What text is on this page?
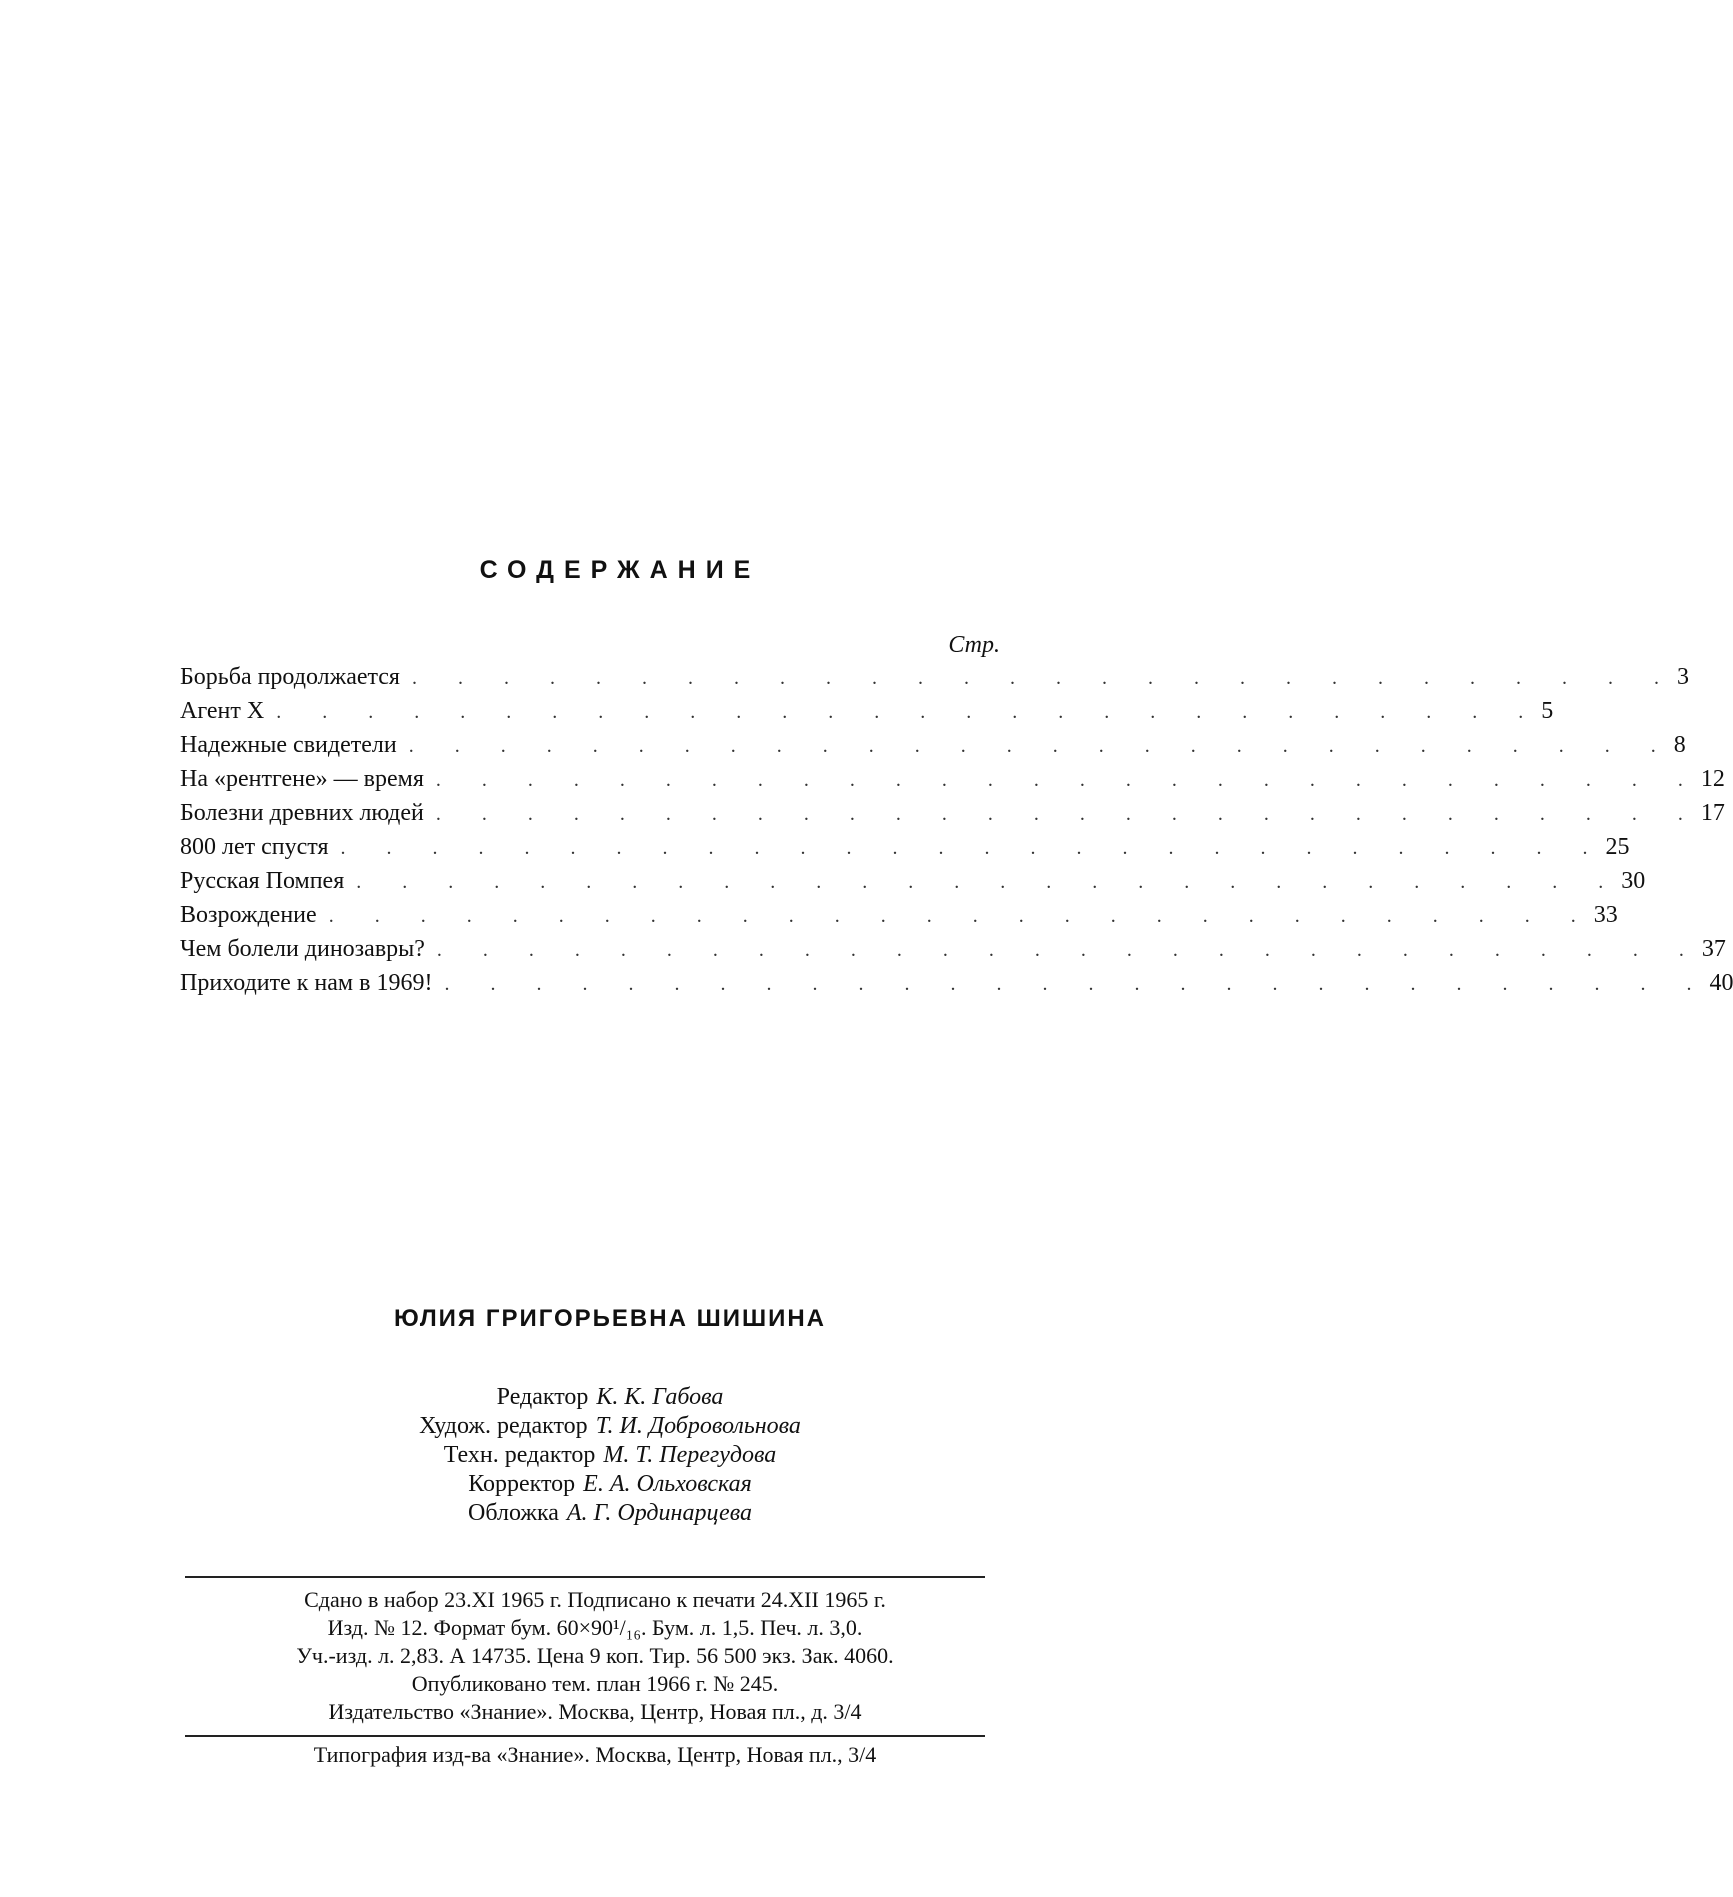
СОДЕРЖАНИЕ
Стр.
Борьба продолжается . . . . . . . . . . . . . . . . . . . . . . . . . . . . 3
Агент X . . . . . . . . . . . . . . . . . . . . . . . . . . . . 5
Надежные свидетели . . . . . . . . . . . . . . . . . . . . . . . . . . . . 8
На «рентгене» — время . . . . . . . . . . . . . . . . . . . . . . . . . . . . 12
Болезни древних людей . . . . . . . . . . . . . . . . . . . . . . . . . . . . 17
800 лет спустя . . . . . . . . . . . . . . . . . . . . . . . . . . . . 25
Русская Помпея . . . . . . . . . . . . . . . . . . . . . . . . . . . . 30
Возрождение . . . . . . . . . . . . . . . . . . . . . . . . . . . . 33
Чем болели динозавры? . . . . . . . . . . . . . . . . . . . . . . . . . . . . 37
Приходите к нам в 1969! . . . . . . . . . . . . . . . . . . . . . . . . . . . . 40
ЮЛИЯ ГРИГОРЬЕВНА ШИШИНА
Редактор К. К. Габова
Худож. редактор Т. И. Добровольнова
Техн. редактор М. Т. Перегудова
Корректор Е. А. Ольховская
Обложка А. Г. Ординарцева
Сдано в набор 23.XI 1965 г. Подписано к печати 24.XII 1965 г.
Изд. № 12. Формат бум. 60×90¹/₁₆. Бум. л. 1,5. Печ. л. 3,0.
Уч.-изд. л. 2,83. А 14735. Цена 9 коп. Тир. 56 500 экз. Зак. 4060.
Опубликовано тем. план 1966 г. № 245.
Издательство «Знание». Москва, Центр, Новая пл., д. 3/4
Типография изд-ва «Знание». Москва, Центр, Новая пл., 3/4
